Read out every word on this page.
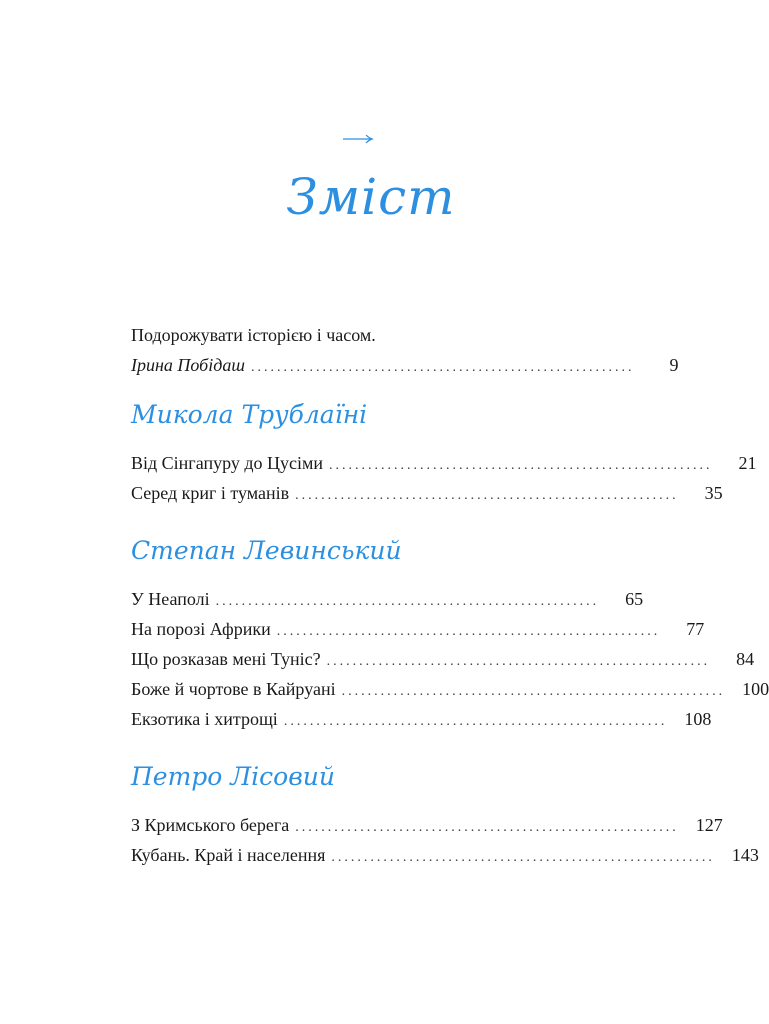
Зміст
Подорожувати історією і часом.
Ірина Побідаш ...........................................................	9
Микола Трублаїні
Від Сінгапуру до Цусіми ...........................................................	21
Серед криг і туманів ...........................................................	35
Степан Левинський
У Неаполі ...........................................................	65
На порозі Африки ...........................................................	77
Що розказав мені Туніс? ...........................................................	84
Боже й чортове в Кайруані ........................................................... 100
Екзотика і хитрощі ........................................................... 108
Петро Лісовий
З Кримського берега ........................................................... 127
Кубань. Край і населення ........................................................... 143
